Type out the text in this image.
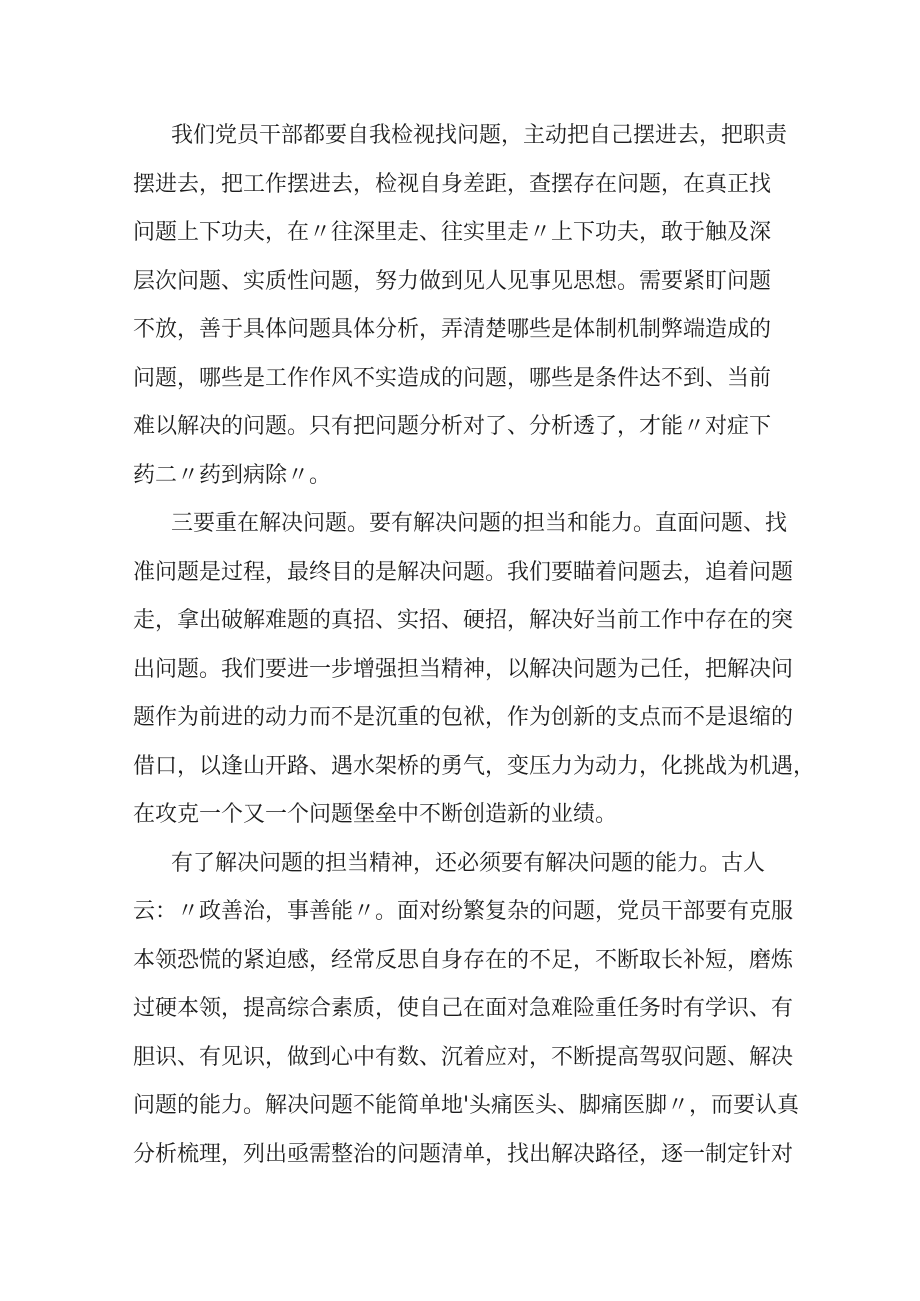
我们党员干部都要自我检视找问题，主动把自己摆进去，把职责
摆进去，把工作摆进去，检视自身差距，查摆存在问题，在真正找
问题上下功夫，在〃往深里走、往实里走〃上下功夫，敢于触及深
层次问题、实质性问题，努力做到见人见事见思想。需要紧盯问题
不放，善于具体问题具体分析，弄清楚哪些是体制机制弊端造成的
问题，哪些是工作作风不实造成的问题，哪些是条件达不到、当前
难以解决的问题。只有把问题分析对了、分析透了，才能〃对症下
药二〃药到病除〃。

三要重在解决问题。要有解决问题的担当和能力。直面问题、找
准问题是过程，最终目的是解决问题。我们要瞄着问题去，追着问题
走，拿出破解难题的真招、实招、硬招，解决好当前工作中存在的突
出问题。我们要进一步增强担当精神，以解决问题为己任，把解决问
题作为前进的动力而不是沉重的包袱，作为创新的支点而不是退缩的
借口，以逢山开路、遇水架桥的勇气，变压力为动力，化挑战为机遇，
在攻克一个又一个问题堡垒中不断创造新的业绩。

有了解决问题的担当精神，还必须要有解决问题的能力。古人
云：〃政善治，事善能〃。面对纷繁复杂的问题，党员干部要有克服
本领恐慌的紧迫感，经常反思自身存在的不足，不断取长补短，磨炼
过硬本领，提高综合素质，使自己在面对急难险重任务时有学识、有
胆识、有见识，做到心中有数、沉着应对，不断提高驾驭问题、解决
问题的能力。解决问题不能简单地'头痛医头、脚痛医脚〃，而要认真
分析梳理，列出亟需整治的问题清单，找出解决路径，逐一制定针对
